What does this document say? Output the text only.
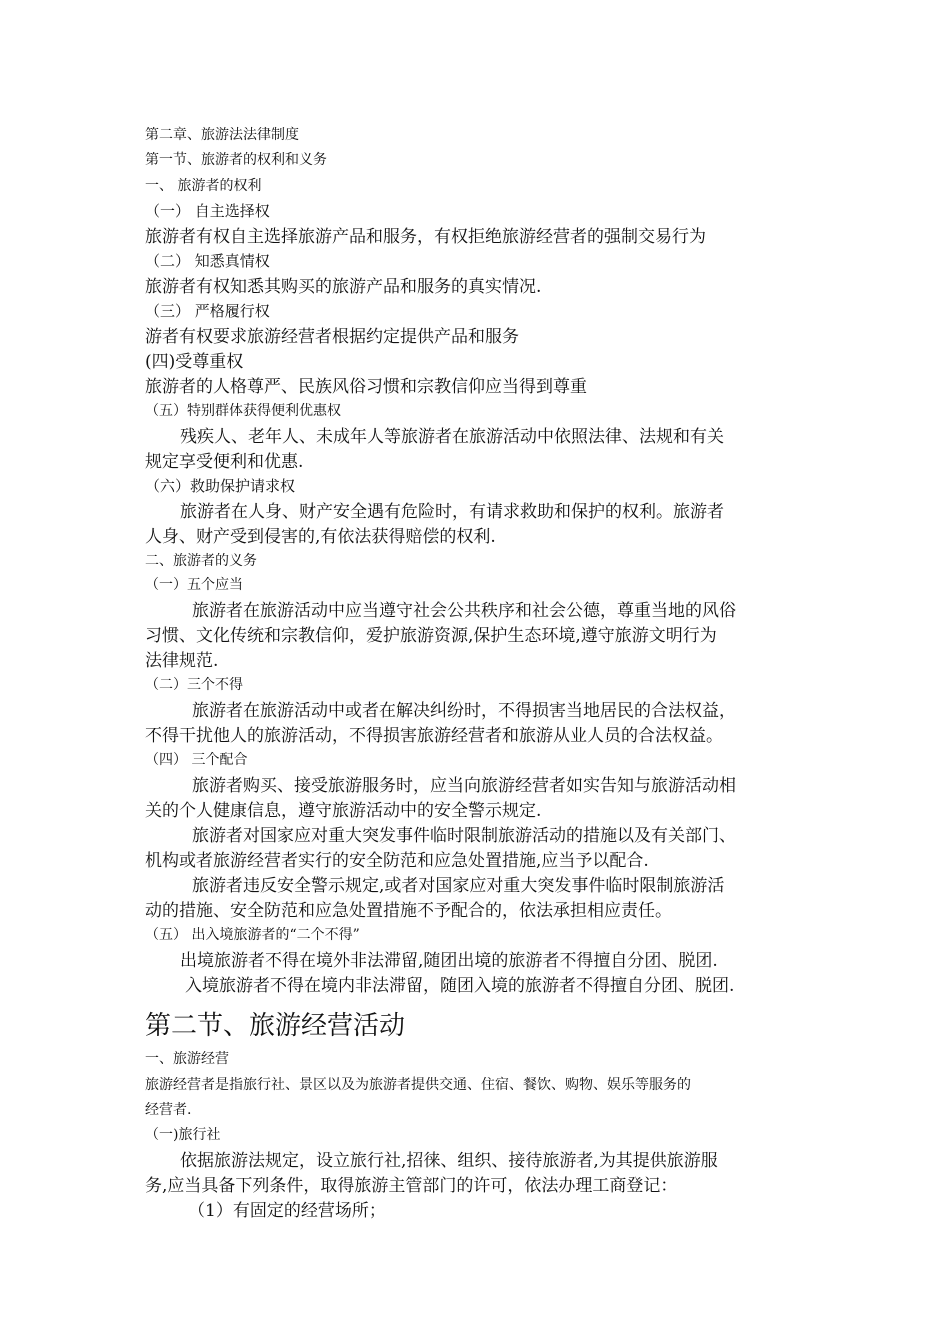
第二章、旅游法法律制度
第一节、旅游者的权利和义务
一、 旅游者的权利
（一） 自主选择权
旅游者有权自主选择旅游产品和服务，有权拒绝旅游经营者的强制交易行为
（二） 知悉真情权
旅游者有权知悉其购买的旅游产品和服务的真实情况.
（三） 严格履行权
游者有权要求旅游经营者根据约定提供产品和服务
(四)受尊重权
旅游者的人格尊严、民族风俗习惯和宗教信仰应当得到尊重
（五）特别群体获得便利优惠权
残疾人、老年人、未成年人等旅游者在旅游活动中依照法律、法规和有关
规定享受便利和优惠.
（六）救助保护请求权
旅游者在人身、财产安全遇有危险时，有请求救助和保护的权利。旅游者
人身、财产受到侵害的,有依法获得赔偿的权利.
二、旅游者的义务
（一）五个应当
旅游者在旅游活动中应当遵守社会公共秩序和社会公德，尊重当地的风俗
习惯、文化传统和宗教信仰，爱护旅游资源,保护生态环境,遵守旅游文明行为
法律规范.
（二）三个不得
旅游者在旅游活动中或者在解决纠纷时，不得损害当地居民的合法权益，
不得干扰他人的旅游活动，不得损害旅游经营者和旅游从业人员的合法权益。
（四） 三个配合
旅游者购买、接受旅游服务时，应当向旅游经营者如实告知与旅游活动相
关的个人健康信息，遵守旅游活动中的安全警示规定.
旅游者对国家应对重大突发事件临时限制旅游活动的措施以及有关部门、
机构或者旅游经营者实行的安全防范和应急处置措施,应当予以配合.
旅游者违反安全警示规定,或者对国家应对重大突发事件临时限制旅游活
动的措施、安全防范和应急处置措施不予配合的，依法承担相应责任。
（五） 出入境旅游者的“二个不得”
出境旅游者不得在境外非法滞留,随团出境的旅游者不得擅自分团、脱团.
入境旅游者不得在境内非法滞留，随团入境的旅游者不得擅自分团、脱团.
第二节、旅游经营活动
一、旅游经营
旅游经营者是指旅行社、景区以及为旅游者提供交通、住宿、餐饮、购物、娱乐等服务的
经营者.
（一)旅行社
依据旅游法规定，设立旅行社,招徕、组织、接待旅游者,为其提供旅游服
务,应当具备下列条件，取得旅游主管部门的许可，依法办理工商登记：
（1）有固定的经营场所；
